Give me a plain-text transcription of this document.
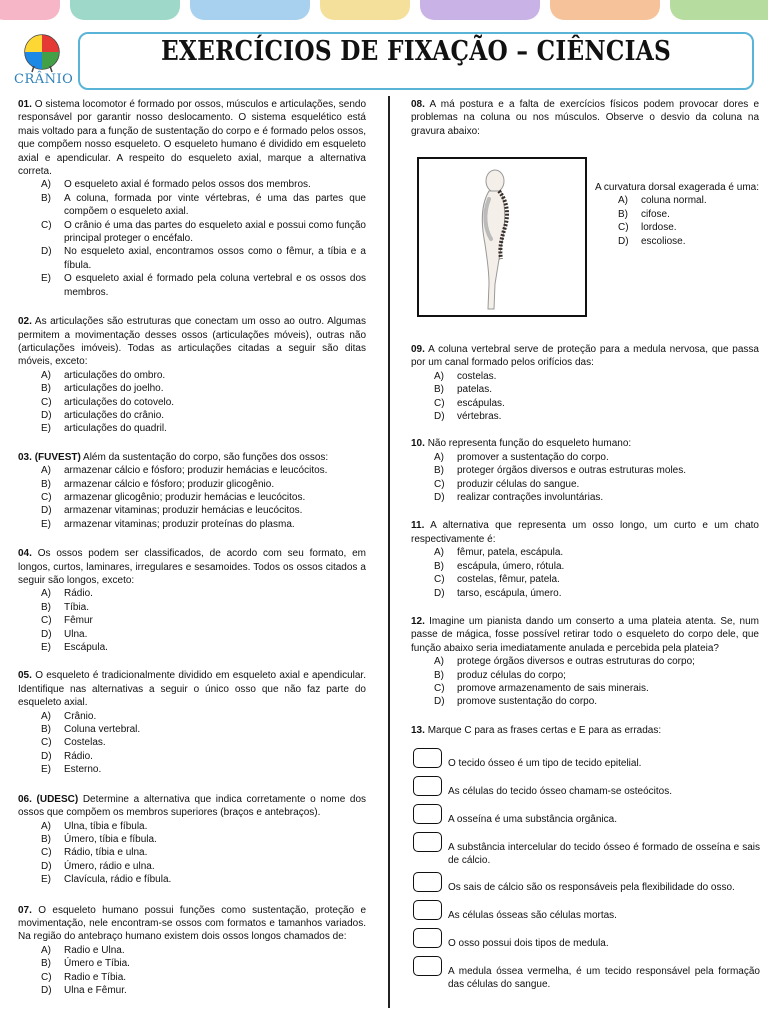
CRÂNIO
EXERCÍCIOS DE FIXAÇÃO – CIÊNCIAS

01. O sistema locomotor é formado por ossos, músculos e articulações, sendo responsável por garantir nosso deslocamento. O sistema esquelético está mais voltado para a função de sustentação do corpo e é formado pelos ossos, que compõem nosso esqueleto. O esqueleto humano é dividido em esqueleto axial e apendicular. A respeito do esqueleto axial, marque a alternativa correta.

A)	O esqueleto axial é formado pelos ossos dos membros.
B)	A coluna, formada por vinte vértebras, é uma das partes que compõem o esqueleto axial.
C)	O crânio é uma das partes do esqueleto axial e possui como função principal proteger o encéfalo.
D)	No esqueleto axial, encontramos ossos como o fêmur, a tíbia e a fíbula.
E)	O esqueleto axial é formado pela coluna vertebral e os ossos dos membros.

02. As articulações são estruturas que conectam um osso ao outro. Algumas permitem a movimentação desses ossos (articulações móveis), outras não (articulações imóveis). Todas as articulações citadas a seguir são ditas móveis, exceto:

A)	articulações do ombro.
B)	articulações do joelho.
C)	articulações do cotovelo.
D)	articulações do crânio.
E)	articulações do quadril.

03. (FUVEST) Além da sustentação do corpo, são funções dos ossos:

A)	armazenar cálcio e fósforo; produzir hemácias e leucócitos.
B)	armazenar cálcio e fósforo; produzir glicogênio.
C)	armazenar glicogênio; produzir hemácias e leucócitos.
D)	armazenar vitaminas; produzir hemácias e leucócitos.
E)	armazenar vitaminas; produzir proteínas do plasma.

04. Os ossos podem ser classificados, de acordo com seu formato, em longos, curtos, laminares, irregulares e sesamoides. Todos os ossos citados a seguir são longos, exceto:

A)	Rádio.
B)	Tíbia.
C)	Fêmur
D)	Ulna.
E)	Escápula.

05. O esqueleto é tradicionalmente dividido em esqueleto axial e apendicular. Identifique nas alternativas a seguir o único osso que não faz parte do esqueleto axial.

A)	Crânio.
B)	Coluna vertebral.
C)	Costelas.
D)	Rádio.
E)	Esterno.

06. (UDESC) Determine a alternativa que indica corretamente o nome dos ossos que compõem os membros superiores (braços e antebraços).

A)	Ulna, tíbia e fíbula.
B)	Úmero, tíbia e fíbula.
C)	Rádio, tíbia e ulna.
D)	Úmero, rádio e ulna.
E)	Clavícula, rádio e fíbula.

07. O esqueleto humano possui funções como sustentação, proteção e movimentação, nele encontram-se ossos com formatos e tamanhos variados. Na região do antebraço humano existem dois ossos longos chamados de:

A)	Radio e Ulna.
B)	Úmero e Tíbia.
C)	Radio e Tíbia.
D)	Ulna e Fêmur.

08. A má postura e a falta de exercícios físicos podem provocar dores e problemas na coluna ou nos músculos. Observe o desvio da coluna na gravura abaixo:

A curvatura dorsal exagerada é uma:
A)	coluna normal.
B)	cifose.
C)	lordose.
D)	escoliose.

09. A coluna vertebral serve de proteção para a medula nervosa, que passa por um canal formado pelos orifícios das:

A)	costelas.
B)	patelas.
C)	escápulas.
D)	vértebras.

10. Não representa função do esqueleto humano:

A)	promover a sustentação do corpo.
B)	proteger órgãos diversos e outras estruturas moles.
C)	produzir células do sangue.
D)	realizar contrações involuntárias.

11. A alternativa que representa um osso longo, um curto e um chato respectivamente é:

A)	fêmur, patela, escápula.
B)	escápula, úmero, rótula.
C)	costelas, fêmur, patela.
D)	tarso, escápula, úmero.

12. Imagine um pianista dando um conserto a uma plateia atenta. Se, num passe de mágica, fosse possível retirar todo o esqueleto do corpo dele, que função abaixo seria imediatamente anulada e percebida pela plateia?

A)	protege órgãos diversos e outras estruturas do corpo;
B)	produz células do corpo;
C)	promove armazenamento de sais minerais.
D)	promove sustentação do corpo.

13. Marque C para as frases certas e E para as erradas:

O tecido ósseo é um tipo de tecido epitelial.
As células do tecido ósseo chamam-se osteócitos.
A osseína é uma substância orgânica.
A substância intercelular do tecido ósseo é formado de osseína e sais de cálcio.
Os sais de cálcio são os responsáveis pela flexibilidade do osso.
As células ósseas são células mortas.
O osso possui dois tipos de medula.
A medula óssea vermelha, é um tecido responsável pela formação das células do sangue.
